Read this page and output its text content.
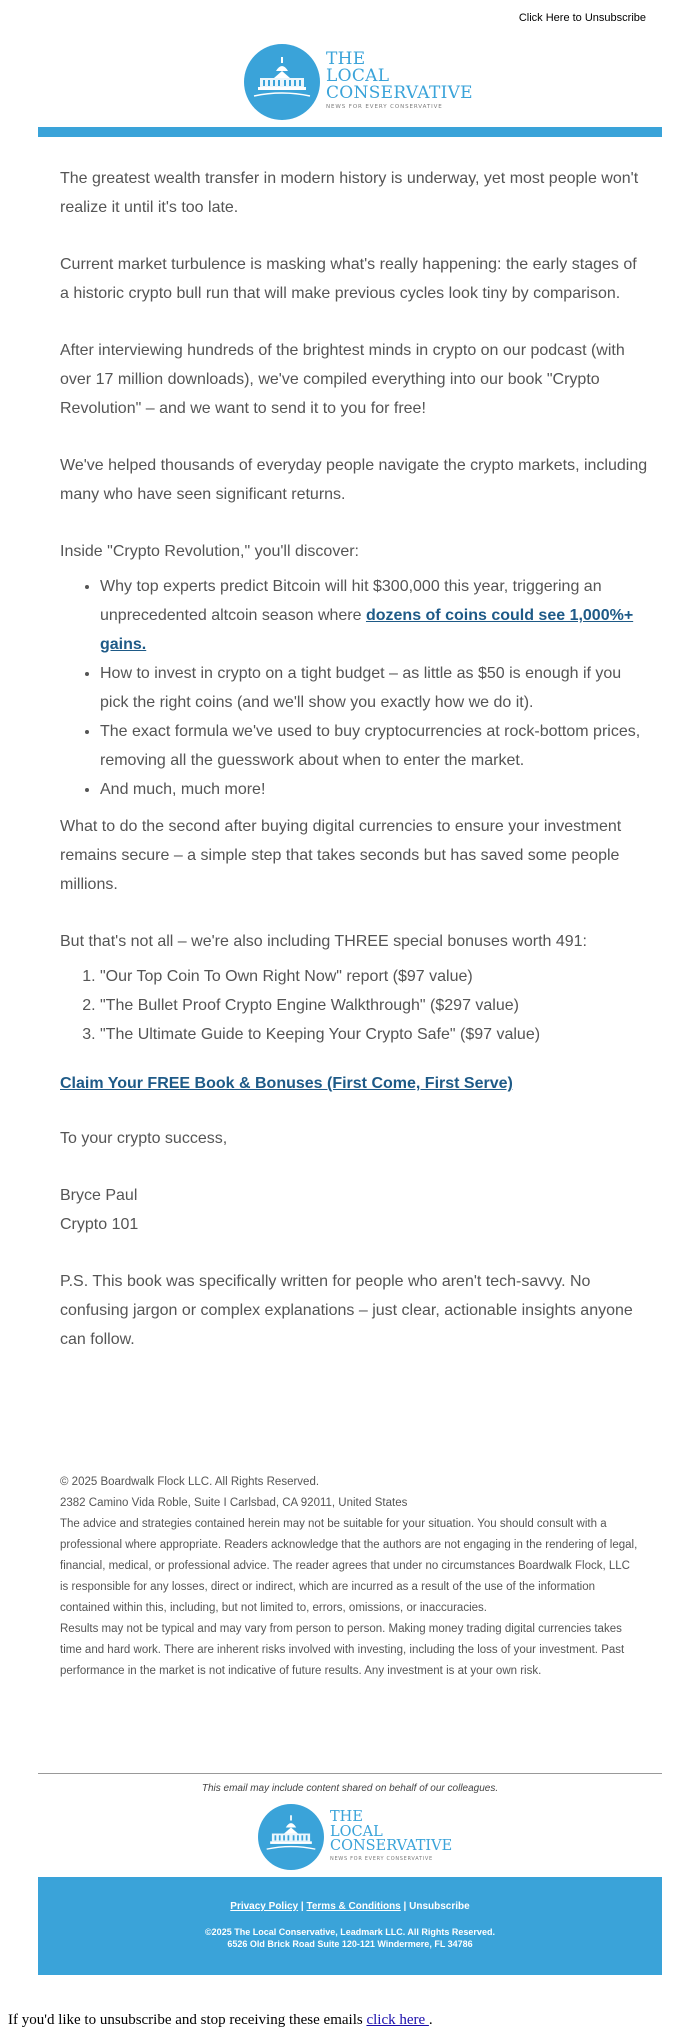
Click Here to Unsubscribe
THE
LOCAL
CONSERVATIVE
NEWS FOR EVERY CONSERVATIVE

The greatest wealth transfer in modern history is underway, yet most people won't realize it until it's too late.

Current market turbulence is masking what's really happening: the early stages of a historic crypto bull run that will make previous cycles look tiny by comparison.

After interviewing hundreds of the brightest minds in crypto on our podcast (with over 17 million downloads), we've compiled everything into our book "Crypto Revolution" – and we want to send it to you for free!

We've helped thousands of everyday people navigate the crypto markets, including many who have seen significant returns.

Inside "Crypto Revolution," you'll discover:

• Why top experts predict Bitcoin will hit $300,000 this year, triggering an unprecedented altcoin season where dozens of coins could see 1,000%+ gains.
• How to invest in crypto on a tight budget – as little as $50 is enough if you pick the right coins (and we'll show you exactly how we do it).
• The exact formula we've used to buy cryptocurrencies at rock-bottom prices, removing all the guesswork about when to enter the market.
• And much, much more!

What to do the second after buying digital currencies to ensure your investment remains secure – a simple step that takes seconds but has saved some people millions.

But that's not all – we're also including THREE special bonuses worth 491:

1. "Our Top Coin To Own Right Now" report ($97 value)
2. "The Bullet Proof Crypto Engine Walkthrough" ($297 value)
3. "The Ultimate Guide to Keeping Your Crypto Safe" ($97 value)

Claim Your FREE Book & Bonuses (First Come, First Serve)

To your crypto success,

Bryce Paul
Crypto 101

P.S. This book was specifically written for people who aren't tech-savvy. No confusing jargon or complex explanations – just clear, actionable insights anyone can follow.

© 2025 Boardwalk Flock LLC. All Rights Reserved.
2382 Camino Vida Roble, Suite I Carlsbad, CA 92011, United States
The advice and strategies contained herein may not be suitable for your situation. You should consult with a professional where appropriate. Readers acknowledge that the authors are not engaging in the rendering of legal, financial, medical, or professional advice. The reader agrees that under no circumstances Boardwalk Flock, LLC is responsible for any losses, direct or indirect, which are incurred as a result of the use of the information contained within this, including, but not limited to, errors, omissions, or inaccuracies.
Results may not be typical and may vary from person to person. Making money trading digital currencies takes time and hard work. There are inherent risks involved with investing, including the loss of your investment. Past performance in the market is not indicative of future results. Any investment is at your own risk.
This email may include content shared on behalf of our colleagues.
THE
LOCAL
CONSERVATIVE
NEWS FOR EVERY CONSERVATIVE
Privacy Policy | Terms & Conditions | Unsubscribe
©2025 The Local Conservative, Leadmark LLC. All Rights Reserved.
6526 Old Brick Road Suite 120-121 Windermere, FL 34786
If you'd like to unsubscribe and stop receiving these emails click here .
